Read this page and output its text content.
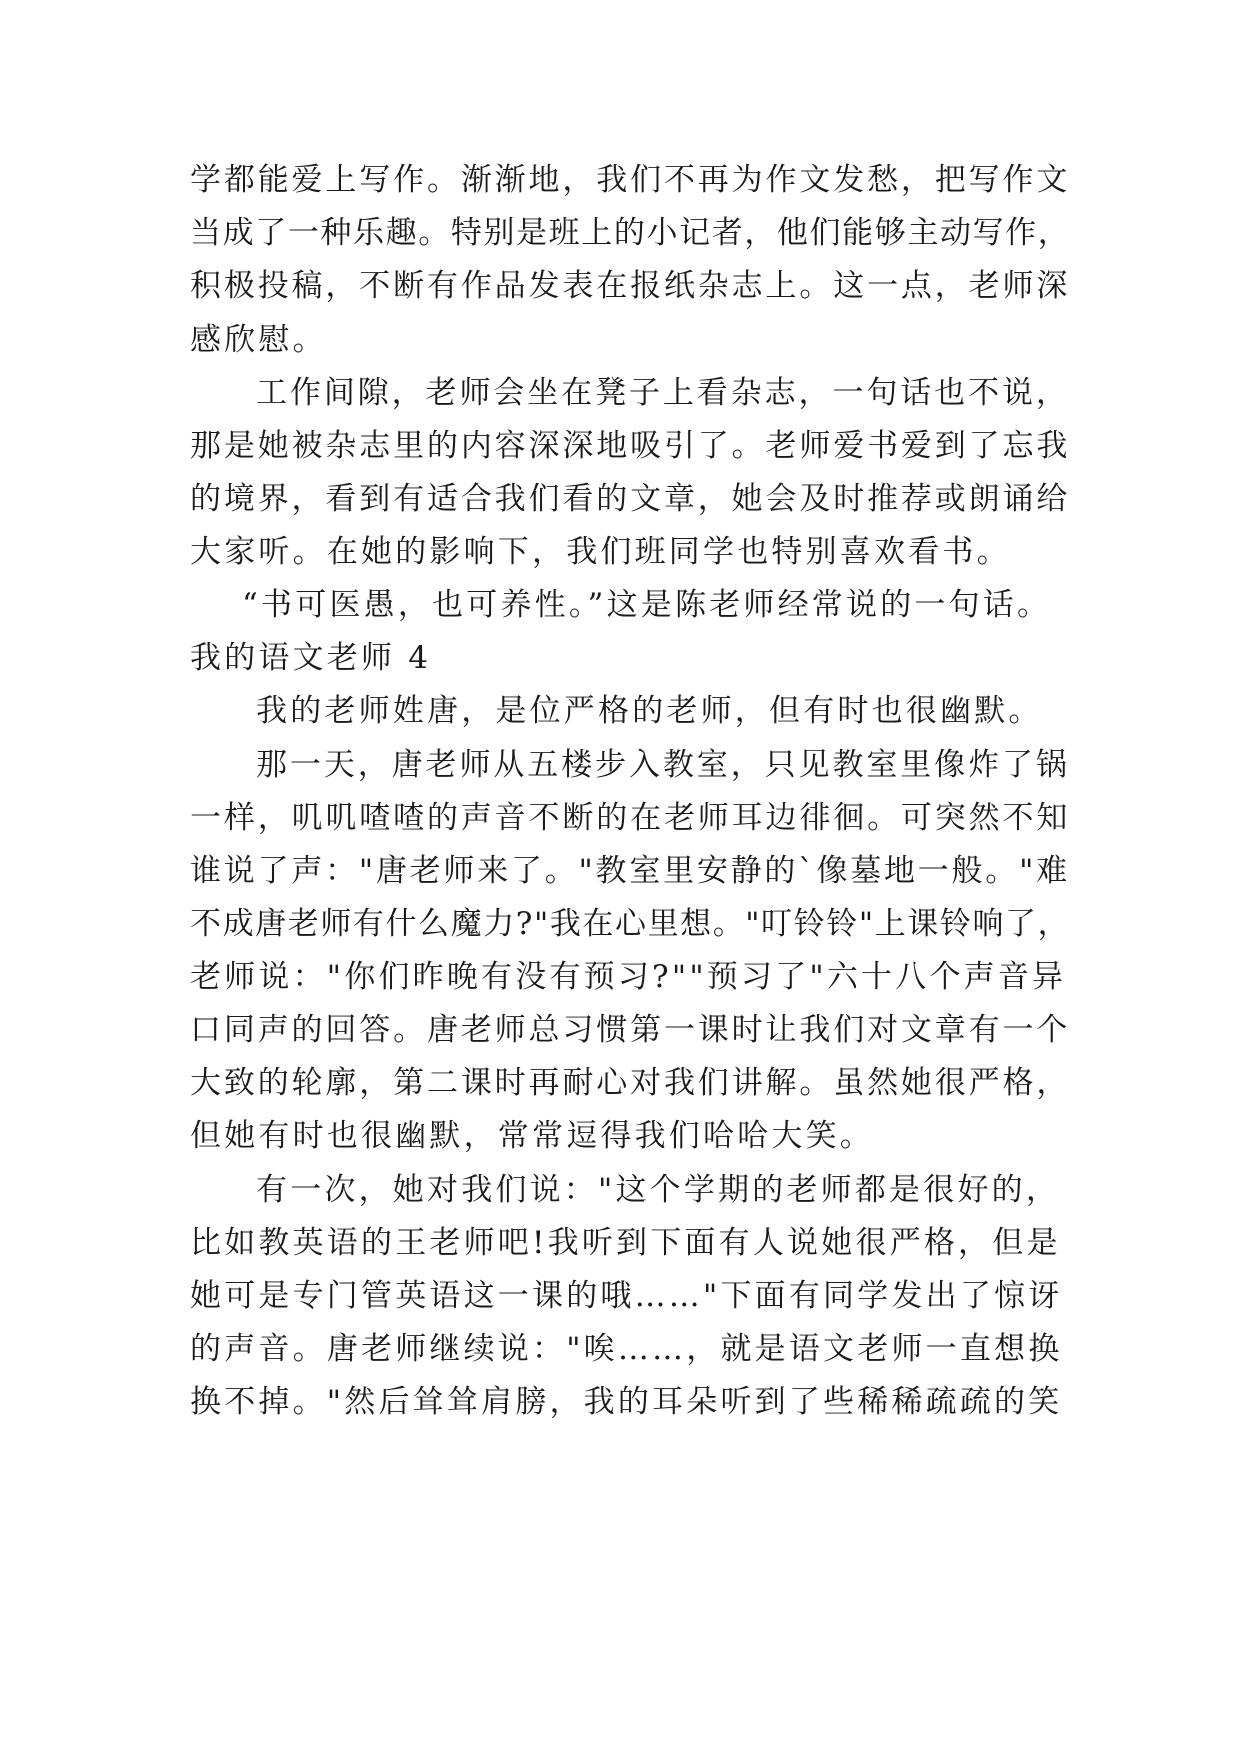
学都能爱上写作。渐渐地，我们不再为作文发愁，把写作文
当成了一种乐趣。特别是班上的小记者，他们能够主动写作，
积极投稿，不断有作品发表在报纸杂志上。这一点，老师深
感欣慰。
工作间隙，老师会坐在凳子上看杂志，一句话也不说，
那是她被杂志里的内容深深地吸引了。老师爱书爱到了忘我
的境界，看到有适合我们看的文章，她会及时推荐或朗诵给
大家听。在她的影响下，我们班同学也特别喜欢看书。
“书可医愚，也可养性。”这是陈老师经常说的一句话。
我的语文老师 4
我的老师姓唐，是位严格的老师，但有时也很幽默。
那一天，唐老师从五楼步入教室，只见教室里像炸了锅
一样，叽叽喳喳的声音不断的在老师耳边徘徊。可突然不知
谁说了声："唐老师来了。"教室里安静的`像墓地一般。"难
不成唐老师有什么魔力?"我在心里想。"叮铃铃"上课铃响了，
老师说："你们昨晚有没有预习?""预习了"六十八个声音异
口同声的回答。唐老师总习惯第一课时让我们对文章有一个
大致的轮廓，第二课时再耐心对我们讲解。虽然她很严格，
但她有时也很幽默，常常逗得我们哈哈大笑。
有一次，她对我们说："这个学期的老师都是很好的，
比如教英语的王老师吧!我听到下面有人说她很严格，但是
她可是专门管英语这一课的哦……"下面有同学发出了惊讶
的声音。唐老师继续说："唉……，就是语文老师一直想换
换不掉。"然后耸耸肩膀，我的耳朵听到了些稀稀疏疏的笑
